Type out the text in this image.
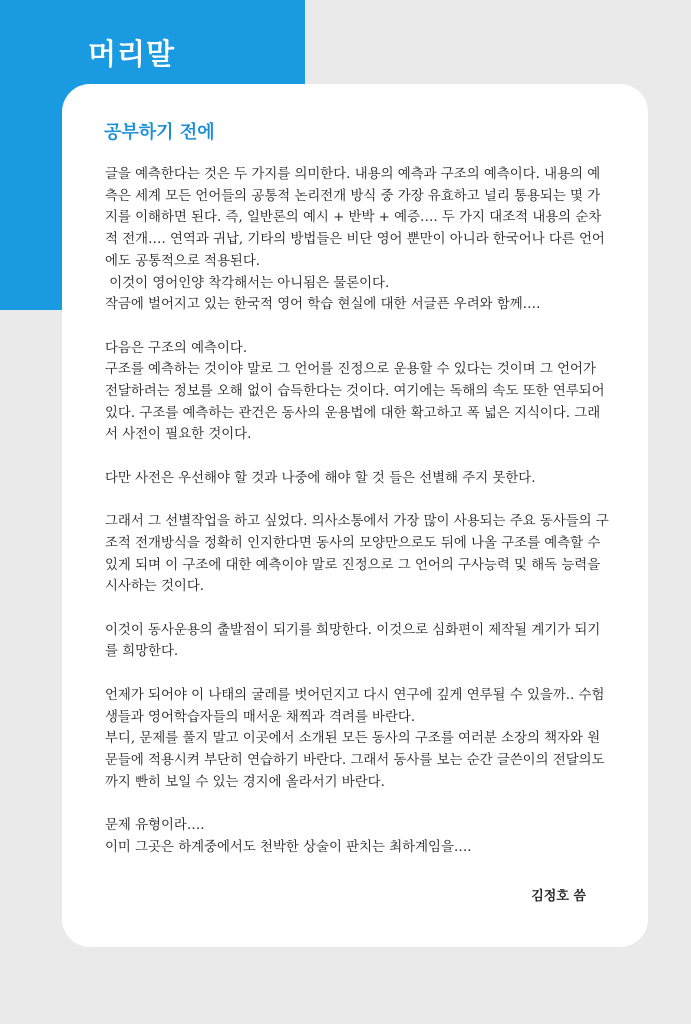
머리말
공부하기 전에

글을 예측한다는 것은 두 가지를 의미한다. 내용의 예측과 구조의 예측이다. 내용의 예측은 세계 모든 언어들의 공통적 논리전개 방식 중 가장 유효하고 널리 통용되는 몇 가지를 이해하면 된다. 즉, 일반론의 예시 + 반박 + 예증…. 두 가지 대조적 내용의 순차적 전개…. 연역과 귀납, 기타의 방법들은 비단 영어 뿐만이 아니라 한국어나 다른 언어에도 공통적으로 적용된다.

이것이 영어인양 착각해서는 아니됨은 물론이다.

작금에 벌어지고 있는 한국적 영어 학습 현실에 대한 서글픈 우려와 함께….

다음은 구조의 예측이다.

구조를 예측하는 것이야 말로 그 언어를 진정으로 운용할 수 있다는 것이며 그 언어가 전달하려는 정보를 오해 없이 습득한다는 것이다. 여기에는 독해의 속도 또한 연루되어 있다. 구조를 예측하는 관건은 동사의 운용법에 대한 확고하고 폭 넓은 지식이다. 그래서 사전이 필요한 것이다.

다만 사전은 우선해야 할 것과 나중에 해야 할 것 들은 선별해 주지 못한다.

그래서 그 선별작업을 하고 싶었다. 의사소통에서 가장 많이 사용되는 주요 동사들의 구조적 전개방식을 정확히 인지한다면 동사의 모양만으로도 뒤에 나올 구조를 예측할 수 있게 되며 이 구조에 대한 예측이야 말로 진정으로 그 언어의 구사능력 및 해독 능력을 시사하는 것이다.

이것이 동사운용의 출발점이 되기를 희망한다. 이것으로 심화편이 제작될 계기가 되기를 희망한다.

언제가 되어야 이 나태의 굴레를 벗어던지고 다시 연구에 깊게 연루될 수 있을까.. 수험생들과 영어학습자들의 매서운 채찍과 격려를 바란다.

부디, 문제를 풀지 말고 이곳에서 소개된 모든 동사의 구조를 여러분 소장의 책자와 원문들에 적용시켜 부단히 연습하기 바란다. 그래서 동사를 보는 순간 글쓴이의 전달의도까지 빤히 보일 수 있는 경지에 올라서기 바란다.

문제 유형이라….

이미 그곳은 하계중에서도 천박한 상술이 판치는 최하계임을….

김정호 씀
